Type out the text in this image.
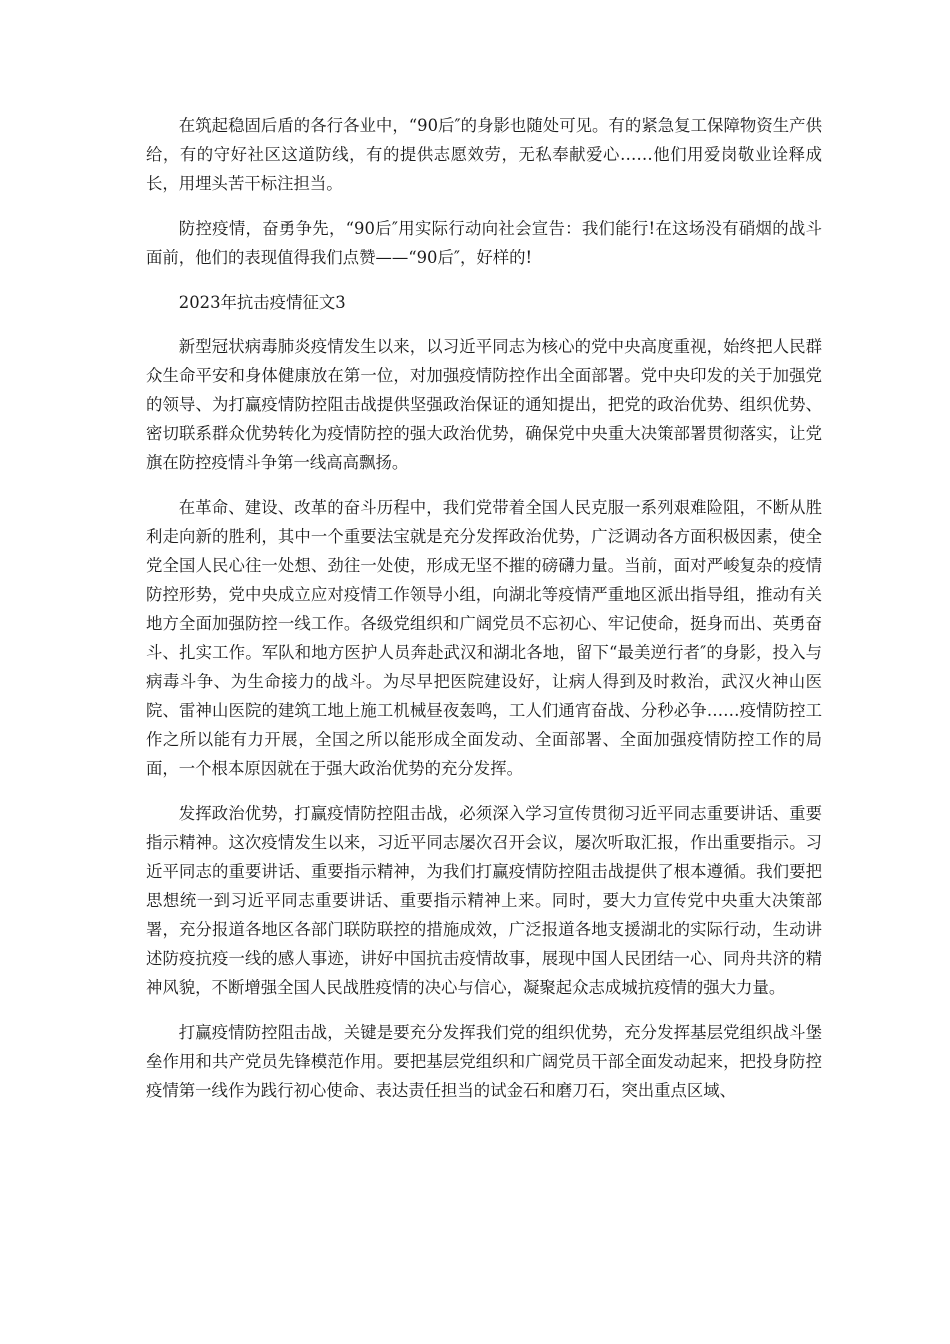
在筑起稳固后盾的各行各业中，“90后″的身影也随处可见。有的紧急复工保障物资生产供给，有的守好社区这道防线，有的提供志愿效劳，无私奉献爱心……他们用爱岗敬业诠释成长，用埋头苦干标注担当。

防控疫情，奋勇争先，“90后″用实际行动向社会宣告：我们能行!在这场没有硝烟的战斗面前，他们的表现值得我们点赞——“90后″，好样的!

2023年抗击疫情征文3

新型冠状病毒肺炎疫情发生以来，以习近平同志为核心的党中央高度重视，始终把人民群众生命平安和身体健康放在第一位，对加强疫情防控作出全面部署。党中央印发的关于加强党的领导、为打赢疫情防控阻击战提供坚强政治保证的通知提出，把党的政治优势、组织优势、密切联系群众优势转化为疫情防控的强大政治优势，确保党中央重大决策部署贯彻落实，让党旗在防控疫情斗争第一线高高飘扬。

在革命、建设、改革的奋斗历程中，我们党带着全国人民克服一系列艰难险阻，不断从胜利走向新的胜利，其中一个重要法宝就是充分发挥政治优势，广泛调动各方面积极因素，使全党全国人民心往一处想、劲往一处使，形成无坚不摧的磅礴力量。当前，面对严峻复杂的疫情防控形势，党中央成立应对疫情工作领导小组，向湖北等疫情严重地区派出指导组，推动有关地方全面加强防控一线工作。各级党组织和广阔党员不忘初心、牢记使命，挺身而出、英勇奋斗、扎实工作。军队和地方医护人员奔赴武汉和湖北各地，留下“最美逆行者″的身影，投入与病毒斗争、为生命接力的战斗。为尽早把医院建设好，让病人得到及时救治，武汉火神山医院、雷神山医院的建筑工地上施工机械昼夜轰鸣，工人们通宵奋战、分秒必争……疫情防控工作之所以能有力开展，全国之所以能形成全面发动、全面部署、全面加强疫情防控工作的局面，一个根本原因就在于强大政治优势的充分发挥。

发挥政治优势，打赢疫情防控阻击战，必须深入学习宣传贯彻习近平同志重要讲话、重要指示精神。这次疫情发生以来，习近平同志屡次召开会议，屡次听取汇报，作出重要指示。习近平同志的重要讲话、重要指示精神，为我们打赢疫情防控阻击战提供了根本遵循。我们要把思想统一到习近平同志重要讲话、重要指示精神上来。同时，要大力宣传党中央重大决策部署，充分报道各地区各部门联防联控的措施成效，广泛报道各地支援湖北的实际行动，生动讲述防疫抗疫一线的感人事迹，讲好中国抗击疫情故事，展现中国人民团结一心、同舟共济的精神风貌，不断增强全国人民战胜疫情的决心与信心，凝聚起众志成城抗疫情的强大力量。

打赢疫情防控阻击战，关键是要充分发挥我们党的组织优势，充分发挥基层党组织战斗堡垒作用和共产党员先锋模范作用。要把基层党组织和广阔党员干部全面发动起来，把投身防控疫情第一线作为践行初心使命、表达责任担当的试金石和磨刀石，突出重点区域、
